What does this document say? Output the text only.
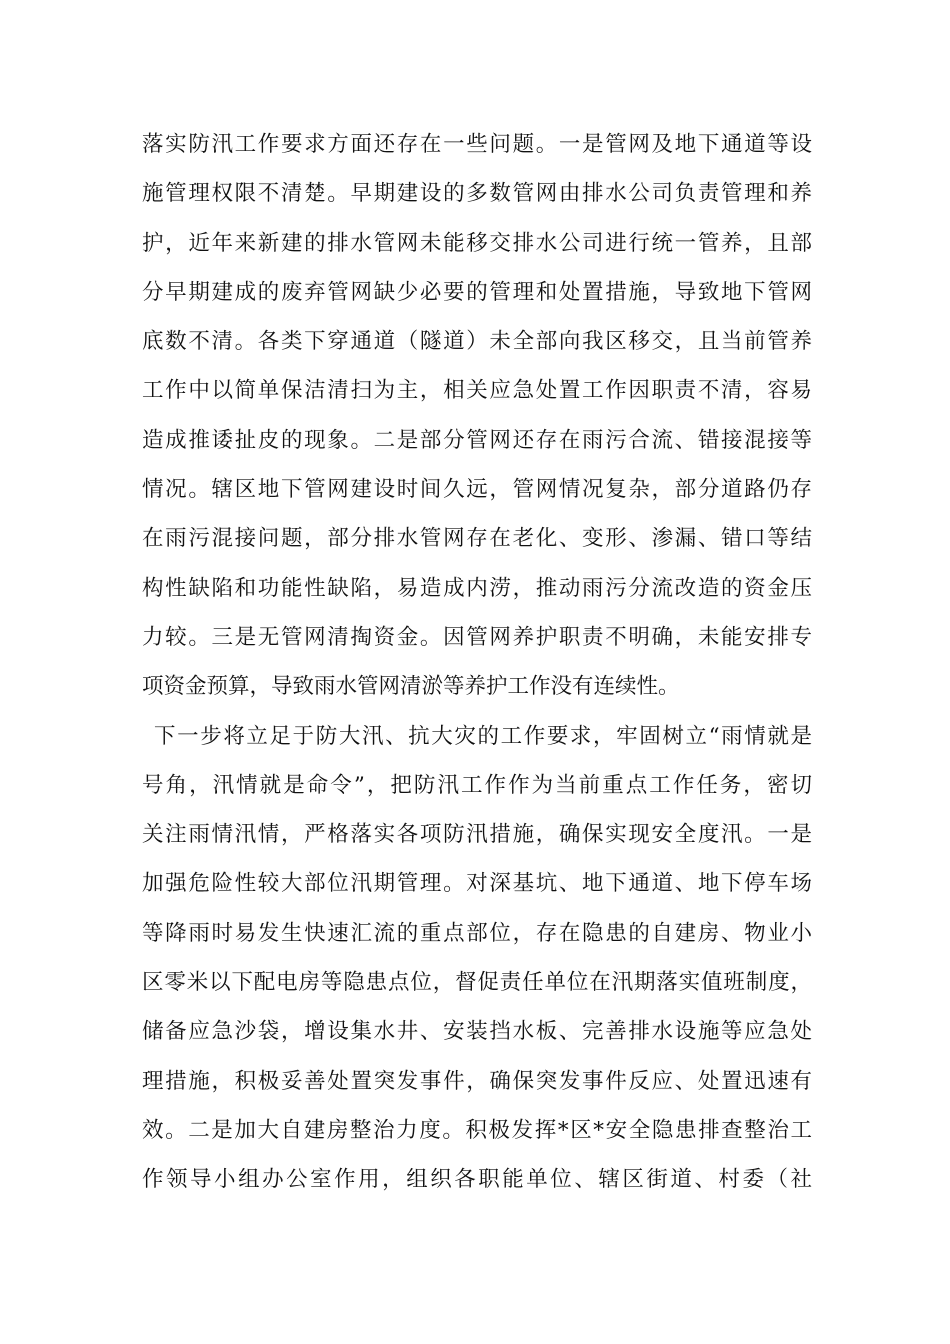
落实防汛工作要求方面还存在一些问题。一是管网及地下通道等设
施管理权限不清楚。早期建设的多数管网由排水公司负责管理和养
护，近年来新建的排水管网未能移交排水公司进行统一管养，且部
分早期建成的废弃管网缺少必要的管理和处置措施，导致地下管网
底数不清。各类下穿通道（隧道）未全部向我区移交，且当前管养
工作中以简单保洁清扫为主，相关应急处置工作因职责不清，容易
造成推诿扯皮的现象。二是部分管网还存在雨污合流、错接混接等
情况。辖区地下管网建设时间久远，管网情况复杂，部分道路仍存
在雨污混接问题，部分排水管网存在老化、变形、渗漏、错口等结
构性缺陷和功能性缺陷，易造成内涝，推动雨污分流改造的资金压
力较。三是无管网清掏资金。因管网养护职责不明确，未能安排专
项资金预算，导致雨水管网清淤等养护工作没有连续性。
下一步将立足于防大汛、抗大灾的工作要求，牢固树立“雨情就是
号角，汛情就是命令”，把防汛工作作为当前重点工作任务，密切
关注雨情汛情，严格落实各项防汛措施，确保实现安全度汛。一是
加强危险性较大部位汛期管理。对深基坑、地下通道、地下停车场
等降雨时易发生快速汇流的重点部位，存在隐患的自建房、物业小
区零米以下配电房等隐患点位，督促责任单位在汛期落实值班制度，
储备应急沙袋，增设集水井、安装挡水板、完善排水设施等应急处
理措施，积极妥善处置突发事件，确保突发事件反应、处置迅速有
效。二是加大自建房整治力度。积极发挥*区*安全隐患排查整治工
作领导小组办公室作用，组织各职能单位、辖区街道、村委（社
